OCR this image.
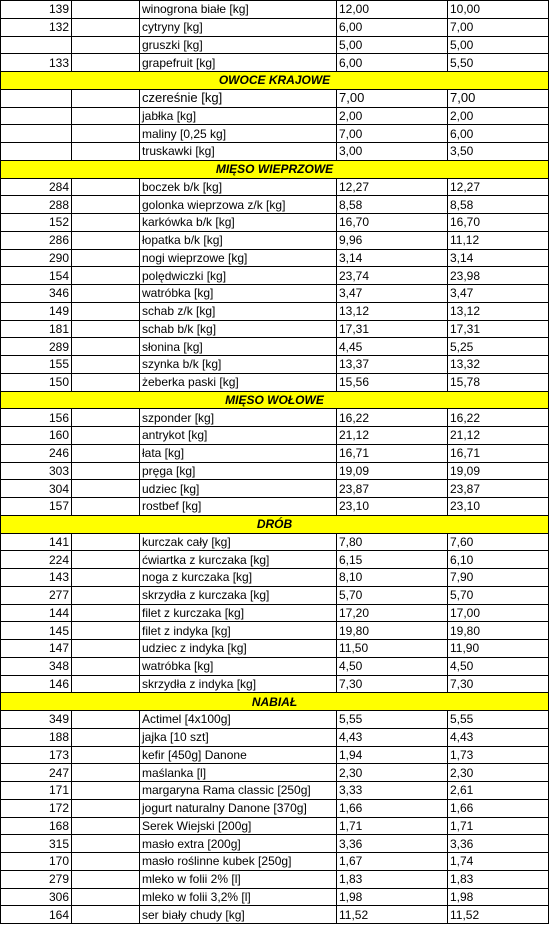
139		winogrona białe [kg]	12,00	10,00
132		cytryny [kg]	6,00	7,00
		gruszki [kg]	5,00	5,00
133		grapefruit [kg]	6,00	5,50
OWOCE KRAJOWE				
		czereśnie [kg]	7,00	7,00
		jabłka [kg]	2,00	2,00
		maliny [0,25 kg]	7,00	6,00
		truskawki [kg]	3,00	3,50
MIĘSO WIEPRZOWE				
284		boczek b/k [kg]	12,27	12,27
288		golonka wieprzowa z/k [kg]	8,58	8,58
152		karkówka b/k [kg]	16,70	16,70
286		łopatka b/k [kg]	9,96	11,12
290		nogi wieprzowe [kg]	3,14	3,14
154		polędwiczki [kg]	23,74	23,98
346		watróbka [kg]	3,47	3,47
149		schab z/k [kg]	13,12	13,12
181		schab b/k [kg]	17,31	17,31
289		słonina [kg]	4,45	5,25
155		szynka b/k [kg]	13,37	13,32
150		żeberka paski [kg]	15,56	15,78
MIĘSO WOŁOWE				
156		szponder [kg]	16,22	16,22
160		antrykot [kg]	21,12	21,12
246		łata [kg]	16,71	16,71
303		pręga [kg]	19,09	19,09
304		udziec [kg]	23,87	23,87
157		rostbef [kg]	23,10	23,10
DRÓB				
141		kurczak cały [kg]	7,80	7,60
224		ćwiartka z kurczaka [kg]	6,15	6,10
143		noga z kurczaka [kg]	8,10	7,90
277		skrzydła z kurczaka [kg]	5,70	5,70
144		filet z kurczaka [kg]	17,20	17,00
145		filet z indyka [kg]	19,80	19,80
147		udziec z indyka [kg]	11,50	11,90
348		watróbka [kg]	4,50	4,50
146		skrzydła z indyka [kg]	7,30	7,30
NABIAŁ				
349		Actimel [4x100g]	5,55	5,55
188		jajka [10 szt]	4,43	4,43
173		kefir [450g] Danone	1,94	1,73
247		maślanka [l]	2,30	2,30
171		margaryna Rama classic [250g]	3,33	2,61
172		jogurt naturalny Danone [370g]	1,66	1,66
168		Serek Wiejski [200g]	1,71	1,71
315		masło extra [200g]	3,36	3,36
170		masło roślinne kubek [250g]	1,67	1,74
279		mleko w folii 2% [l]	1,83	1,83
306		mleko w folii 3,2% [l]	1,98	1,98
164		ser biały chudy [kg]	11,52	11,52
